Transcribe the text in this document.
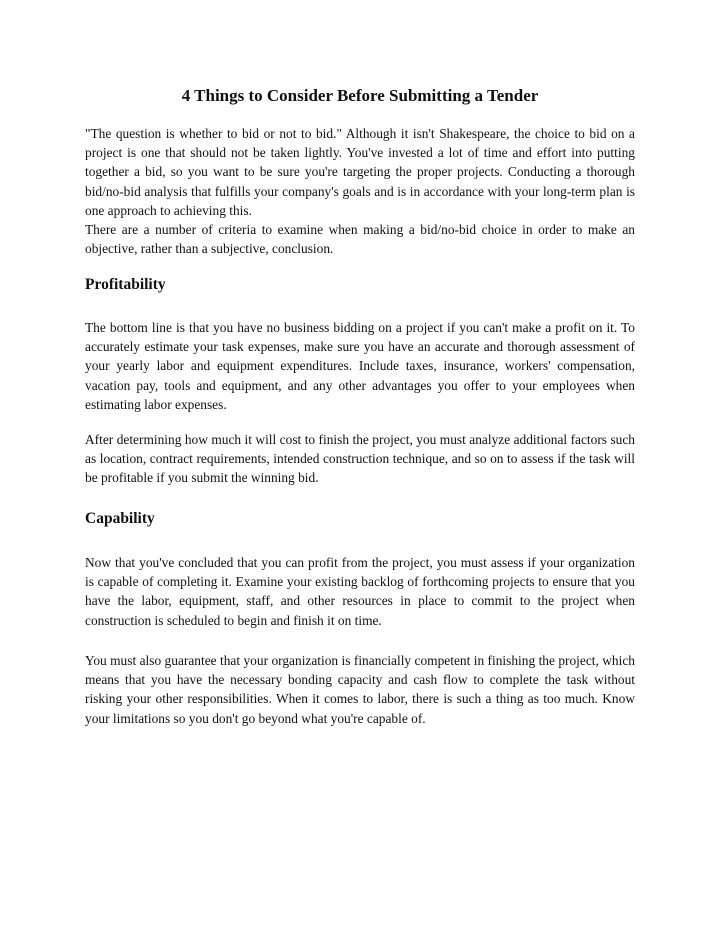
4 Things to Consider Before Submitting a Tender

"The question is whether to bid or not to bid." Although it isn't Shakespeare, the choice to bid on a project is one that should not be taken lightly. You've invested a lot of time and effort into putting together a bid, so you want to be sure you're targeting the proper projects. Conducting a thorough bid/no-bid analysis that fulfills your company's goals and is in accordance with your long-term plan is one approach to achieving this.

There are a number of criteria to examine when making a bid/no-bid choice in order to make an objective, rather than a subjective, conclusion.

Profitability

The bottom line is that you have no business bidding on a project if you can't make a profit on it. To accurately estimate your task expenses, make sure you have an accurate and thorough assessment of your yearly labor and equipment expenditures. Include taxes, insurance, workers' compensation, vacation pay, tools and equipment, and any other advantages you offer to your employees when estimating labor expenses.

After determining how much it will cost to finish the project, you must analyze additional factors such as location, contract requirements, intended construction technique, and so on to assess if the task will be profitable if you submit the winning bid.

Capability

Now that you've concluded that you can profit from the project, you must assess if your organization is capable of completing it. Examine your existing backlog of forthcoming projects to ensure that you have the labor, equipment, staff, and other resources in place to commit to the project when construction is scheduled to begin and finish it on time.

You must also guarantee that your organization is financially competent in finishing the project, which means that you have the necessary bonding capacity and cash flow to complete the task without risking your other responsibilities. When it comes to labor, there is such a thing as too much. Know your limitations so you don't go beyond what you're capable of.
